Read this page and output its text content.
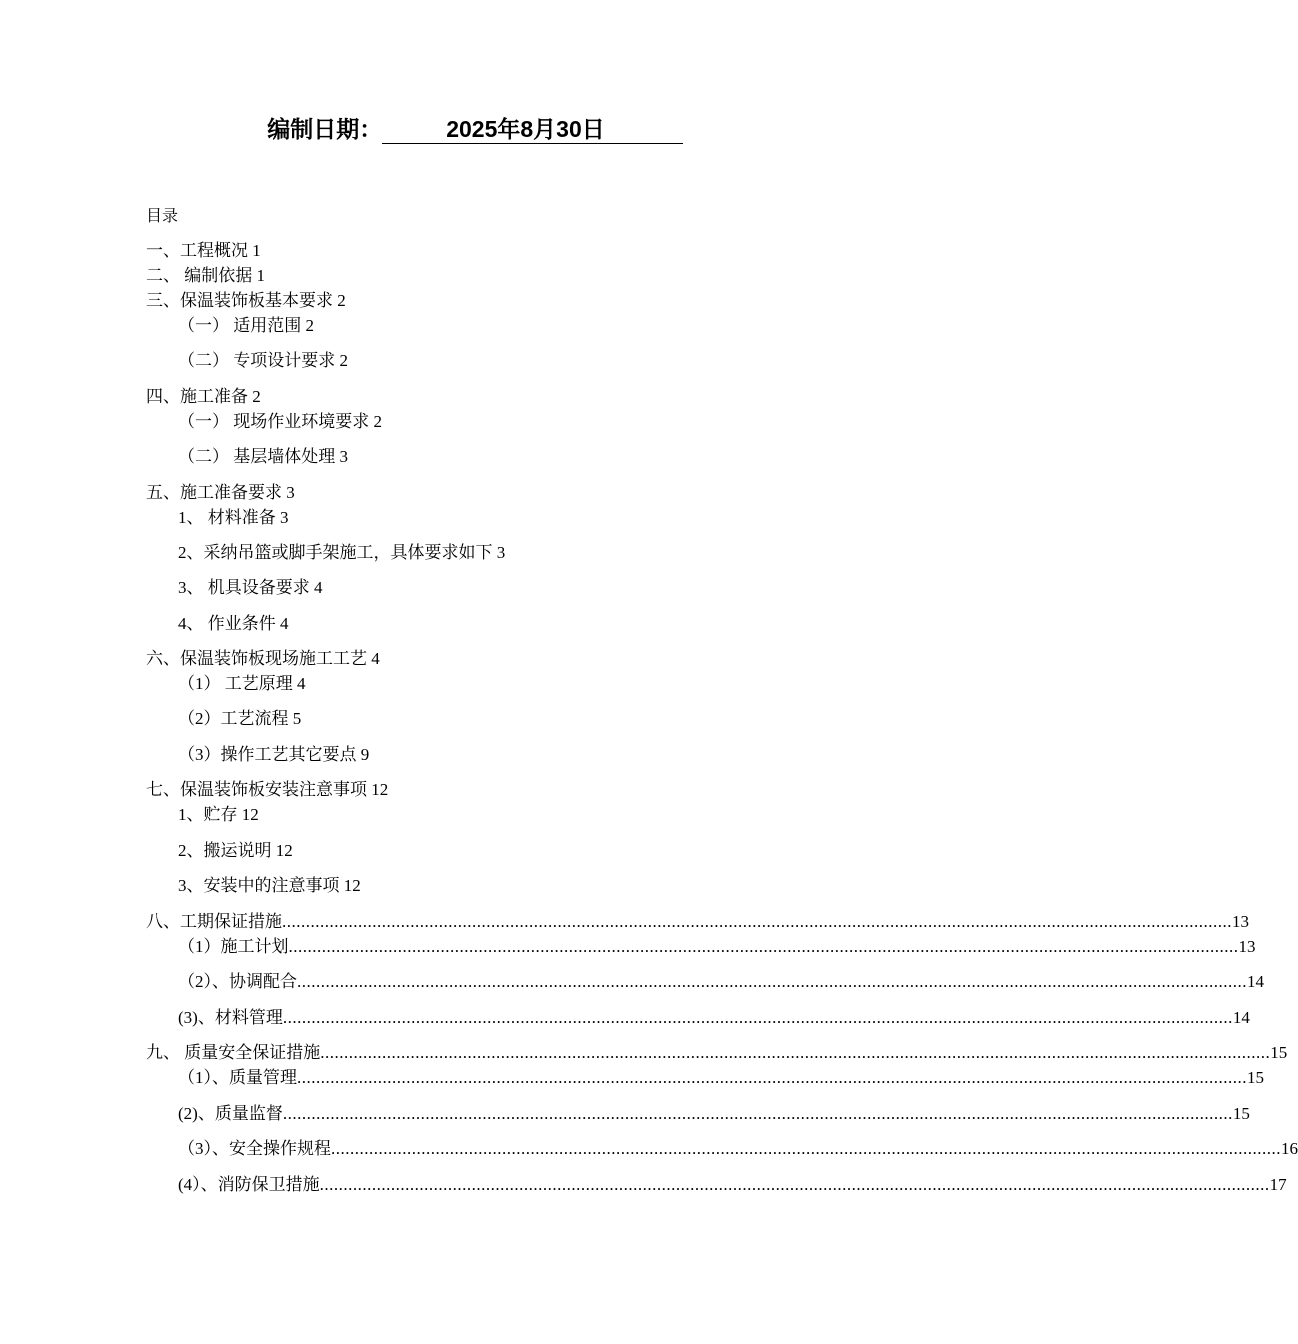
编制日期：	2025年8月30日
目录
一、工程概况 1
二、 编制依据 1
三、保温装饰板基本要求 2
（一） 适用范围 2
（二） 专项设计要求 2
四、施工准备 2
（一） 现场作业环境要求 2
（二） 基层墙体处理 3
五、施工准备要求 3
1、 材料准备 3
2、采纳吊篮或脚手架施工，具体要求如下 3
3、 机具设备要求 4
4、 作业条件 4
六、保温装饰板现场施工工艺 4
（1） 工艺原理 4
（2）工艺流程 5
（3）操作工艺其它要点 9
七、保温装饰板安装注意事项 12
1、贮存 12
2、搬运说明 12
3、安装中的注意事项 12
八、工期保证措施 ........................................................................................................................................................................................................ 13
（1）施工计划 ........................................................................................................................................................................................................ 13
（2）、协调配合 ........................................................................................................................................................................................................ 14
(3)、材料管理 ........................................................................................................................................................................................................ 14
九、 质量安全保证措施 ........................................................................................................................................................................................................ 15
（1）、质量管理 ........................................................................................................................................................................................................ 15
(2)、质量监督 ........................................................................................................................................................................................................ 15
（3）、安全操作规程 ........................................................................................................................................................................................................ 16
(4）、消防保卫措施 ........................................................................................................................................................................................................ 17
